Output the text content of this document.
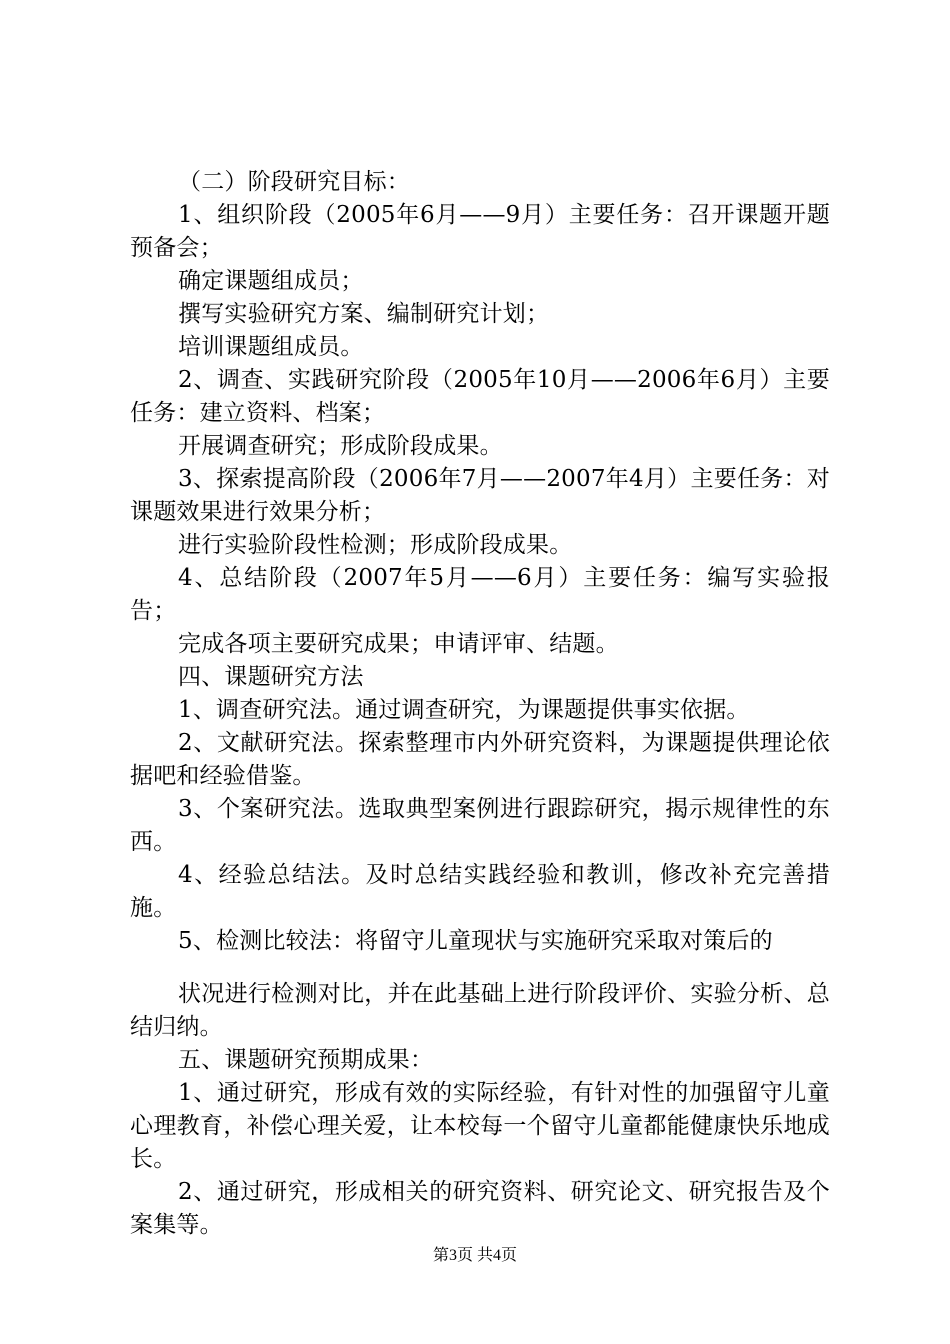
（二）阶段研究目标：

1、组织阶段（2005年6月——9月）主要任务：召开课题开题预备会；

确定课题组成员；

撰写实验研究方案、编制研究计划；

培训课题组成员。

2、调查、实践研究阶段（2005年10月——2006年6月）主要任务：建立资料、档案；

开展调查研究；形成阶段成果。

3、探索提高阶段（2006年7月——2007年4月）主要任务：对课题效果进行效果分析；

进行实验阶段性检测；形成阶段成果。

4、总结阶段（2007年5月——6月）主要任务：编写实验报告；

完成各项主要研究成果；申请评审、结题。

四、课题研究方法

1、调查研究法。通过调查研究，为课题提供事实依据。

2、文献研究法。探索整理市内外研究资料，为课题提供理论依据吧和经验借鉴。

3、个案研究法。选取典型案例进行跟踪研究，揭示规律性的东西。

4、经验总结法。及时总结实践经验和教训，修改补充完善措施。

5、检测比较法：将留守儿童现状与实施研究采取对策后的

状况进行检测对比，并在此基础上进行阶段评价、实验分析、总结归纳。

五、课题研究预期成果：

1、通过研究，形成有效的实际经验，有针对性的加强留守儿童心理教育，补偿心理关爱，让本校每一个留守儿童都能健康快乐地成长。

2、通过研究，形成相关的研究资料、研究论文、研究报告及个案集等。

第3页 共4页
